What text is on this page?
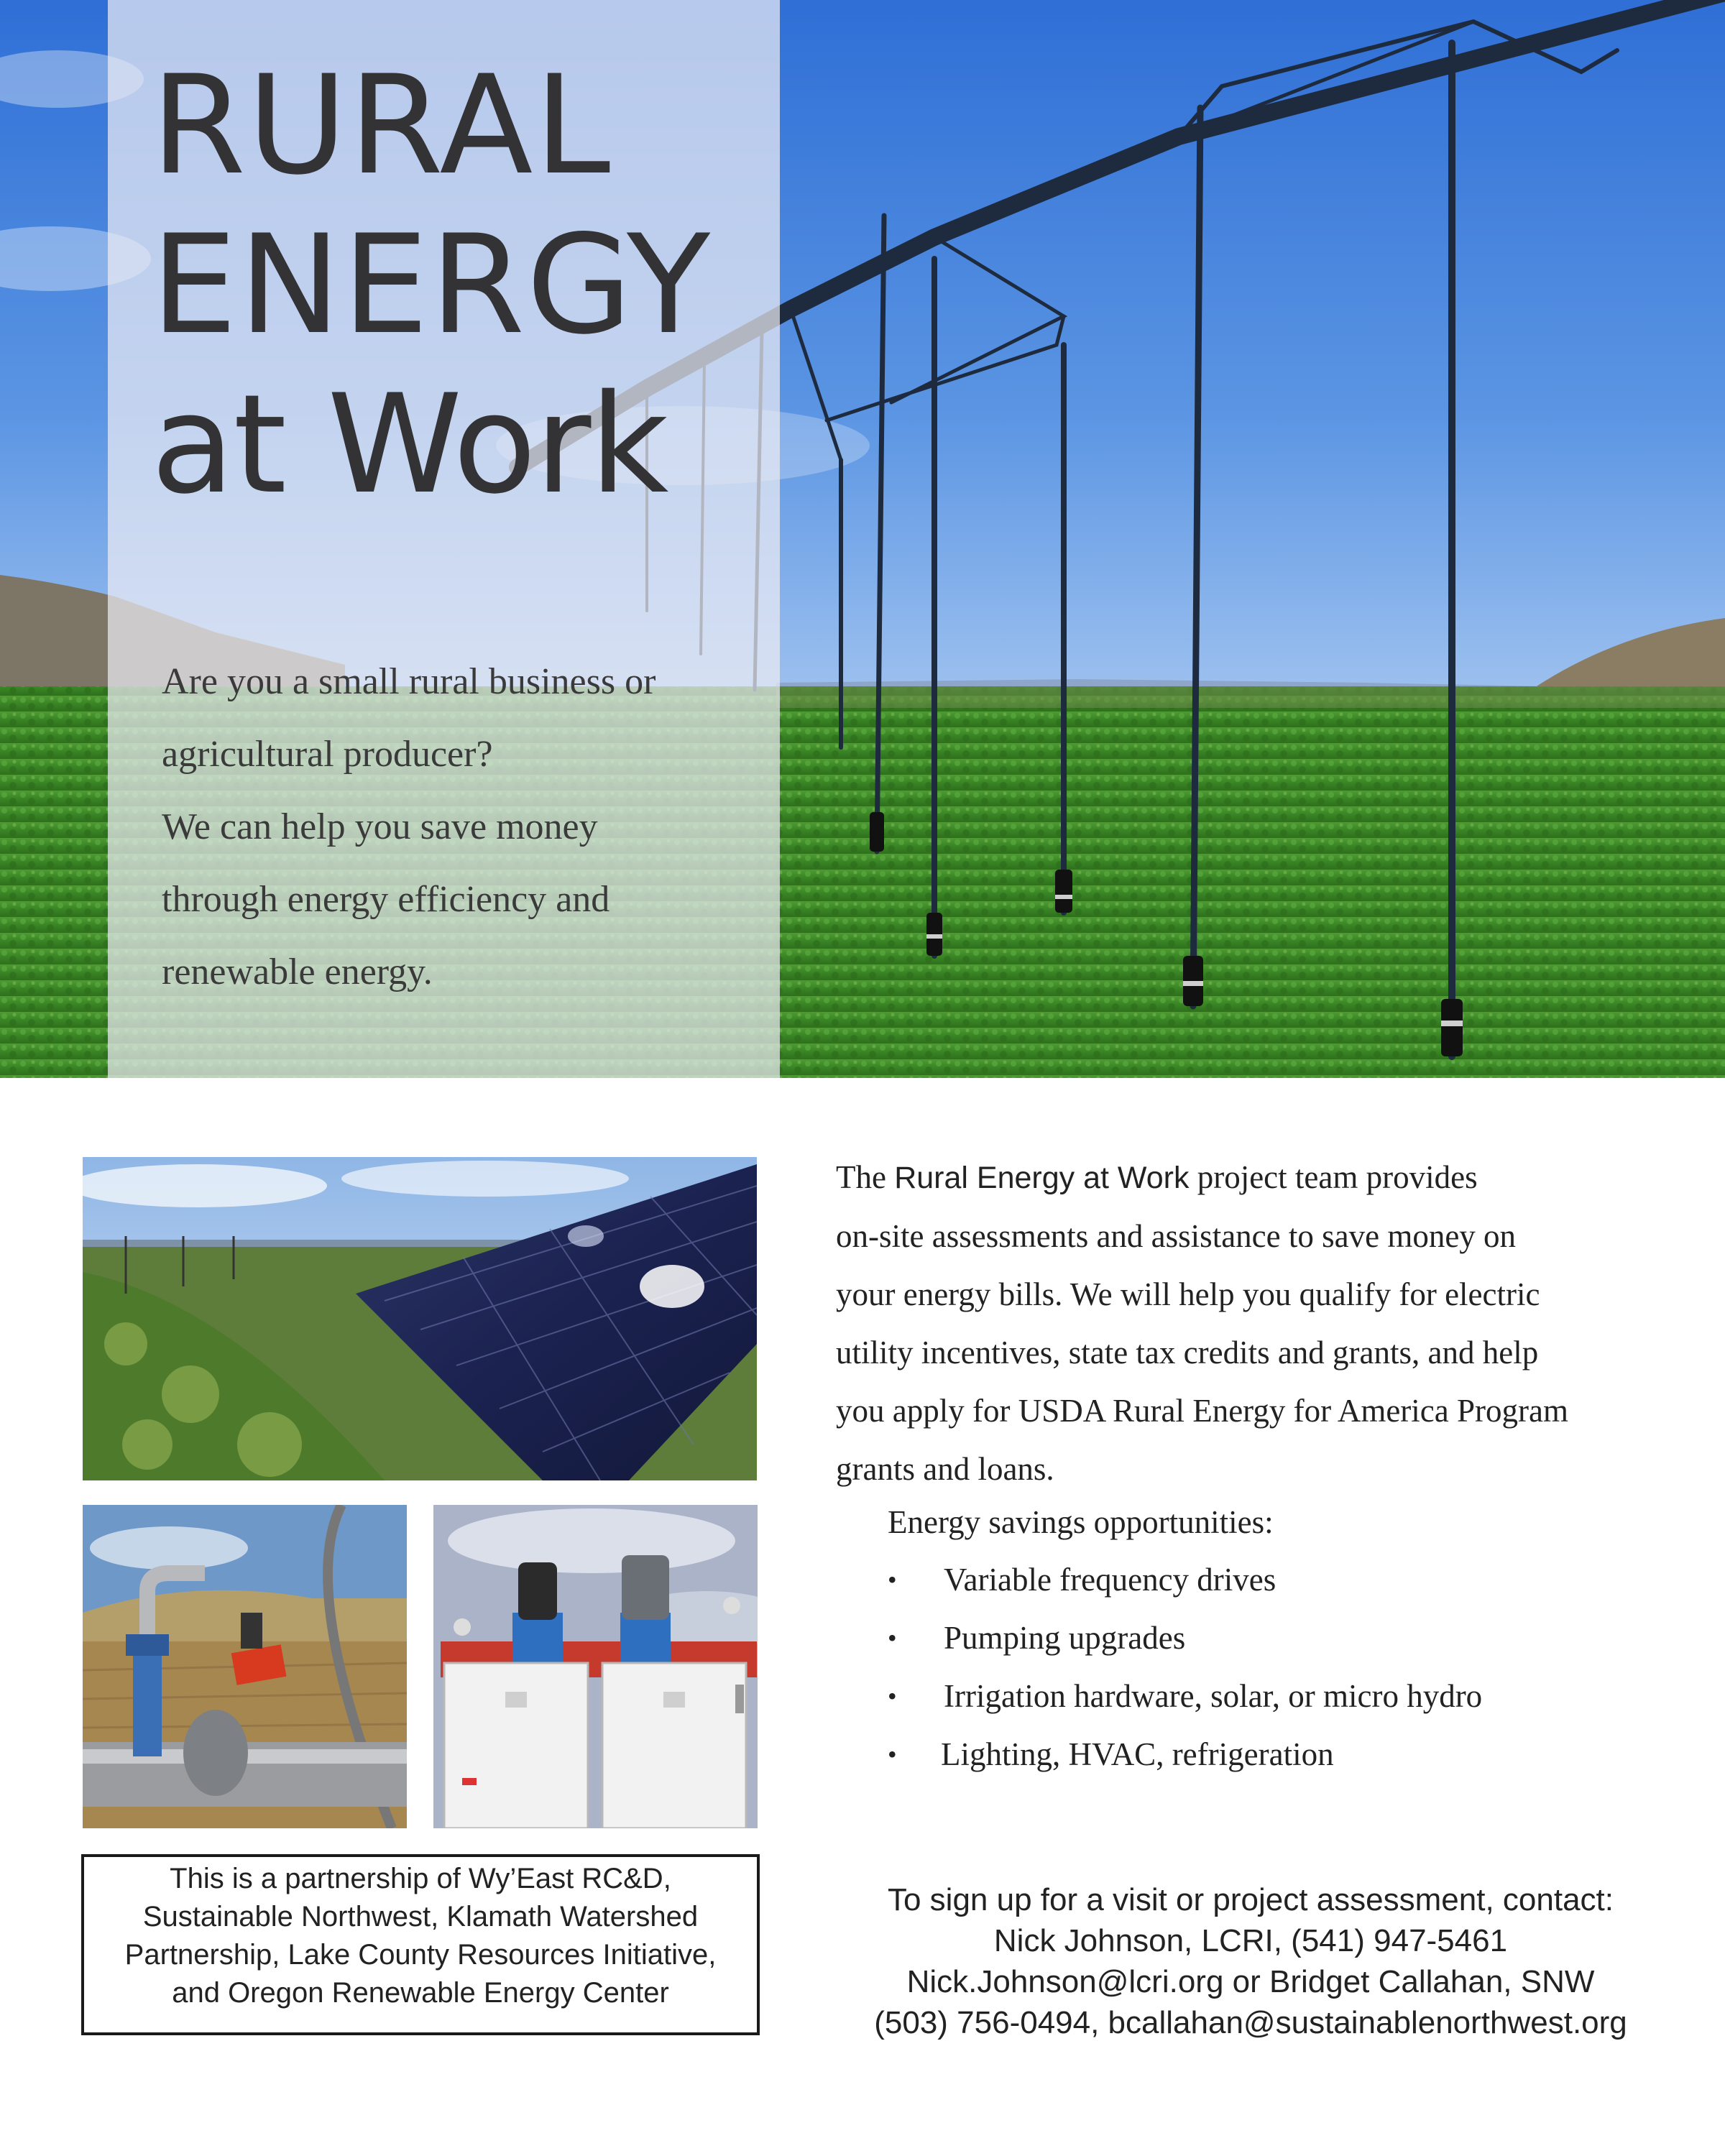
RURAL
ENERGY
at Work

Are you a small rural business or

agricultural producer?

We can help you save money

through energy efficiency and

renewable energy.

The Rural Energy at Work project team provides

on-site assessments and assistance to save money on

your energy bills. We will help you qualify for electric

utility incentives, state tax credits and grants, and help

you apply for USDA Rural Energy for America Program

grants and loans.

Energy savings opportunities:
• Variable frequency drives
• Pumping upgrades
• Irrigation hardware, solar, or micro hydro
• Lighting, HVAC, refrigeration
This is a partnership of Wy’East RC&D,
Sustainable Northwest, Klamath Watershed
Partnership, Lake County Resources Initiative,
and Oregon Renewable Energy Center
To sign up for a visit or project assessment, contact:
Nick Johnson, LCRI, (541) 947-5461
Nick.Johnson@lcri.org or Bridget Callahan, SNW
(503) 756-0494, bcallahan@sustainablenorthwest.org
